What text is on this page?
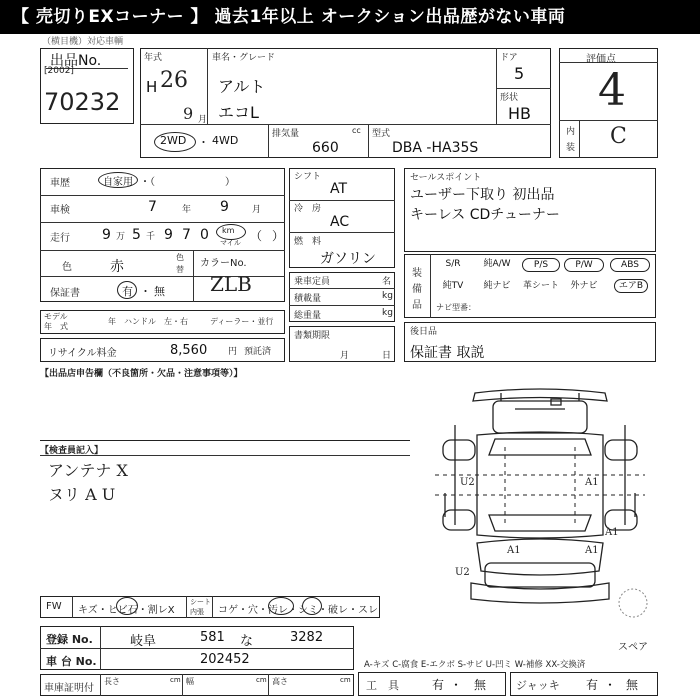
【 売切りEXコーナー 】 過去1年以上 オークション出品歴がない車両
（横目機）対応車輌
出品No.
[2002]
70232
年式
H 26
9 月
車名・グレード
アルト
エコL
ドア
5
形状
HB
評価点
4
内
装 C
2WD ・ 4WD	排気量	cc
660
型式
DBA -HA35S
車歴	自家用 ・（　　　　　　　）
車検	7	年 9	月
走行 9 万 5 千 9 7 0 km
マイル （ ）
色	赤
色
替
カラーNo.
ZLB
保証書	有 ・ 無
モデル
年　式
年 ハンドル　左・右	ディーラー・並行
リサイクル料金	8,560 円 預託済
シフト
AT
冷　房
AC
燃　料
ガソリン
乗車定員	名
積載量	kg
総重量	kg
書類期限
月	日
セールスポイント
ユーザー下取り 初出品
キーレス CDチューナー
装
備
品
S/R	純A/W	P/S	P/W	ABS
純TV	純ナビ	革シート	外ナビ	エアB
ナビ型番：
後日品
保証書 取説
【出品店申告欄（不良箇所・欠品・注意事項等）】
【検査員記入】
アンテナ X
ヌリ A U
U2	A1
A1
A1	A1
U2
FW キズ・ヒビ石・割レX
シート
内張 コゲ・穴・汚レ・シミ・破レ・スレ
登録 No.	岐阜	581 な	3282
車 台 No.	202452
車庫証明付
長さ	cm 幅	cm 高さ	cm
スペア
A-キズ C-腐食 E-エクボ S-サビ U-凹ミ W-補修 XX-交換済
工　具	有 ・ 無	ジャッキ 有 ・ 無
